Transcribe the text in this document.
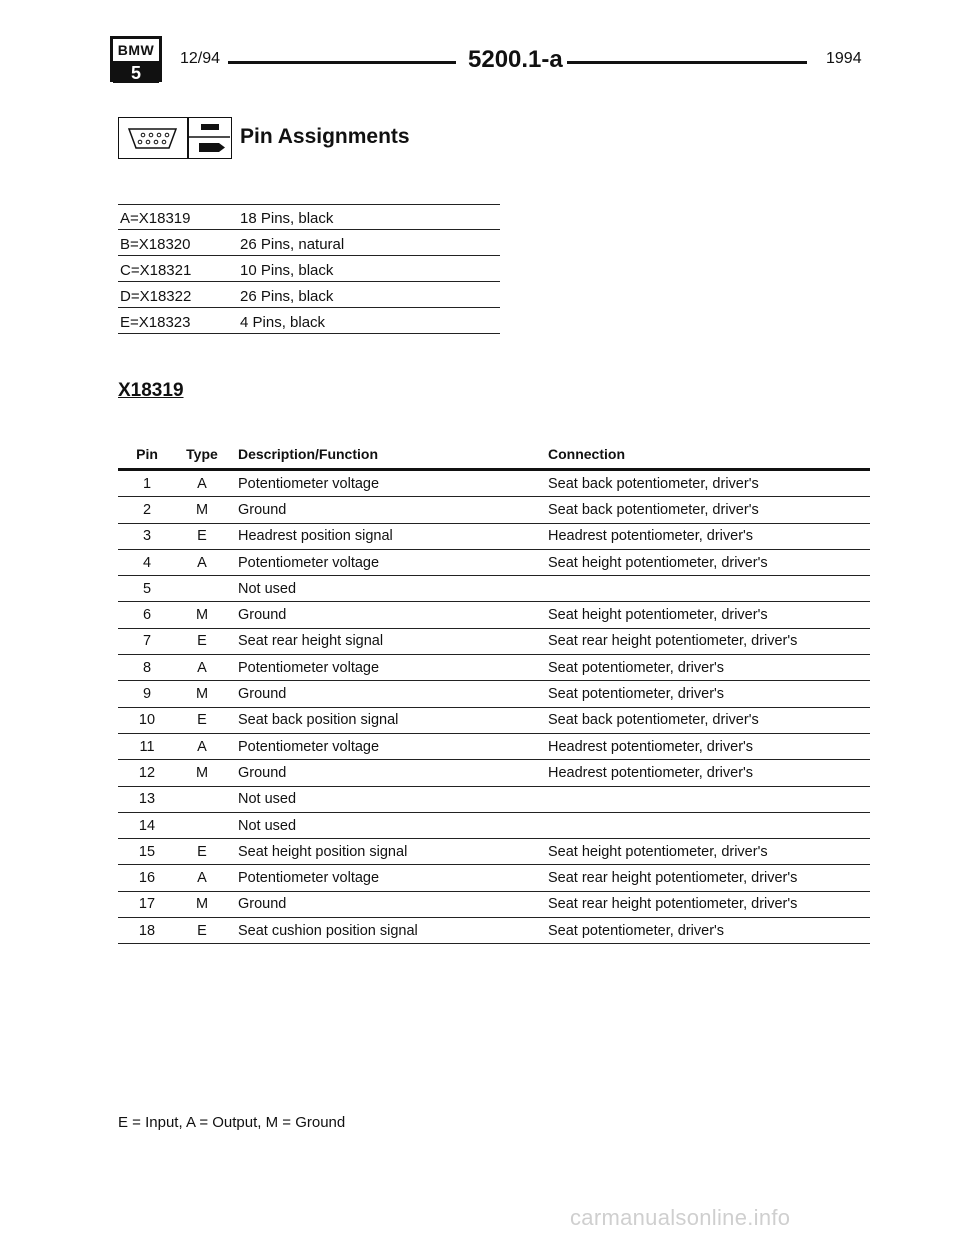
BMW
5
12/94	5200.1-a	1994
Pin Assignments
A=X18319	18 Pins, black
B=X18320	26 Pins, natural
C=X18321	10 Pins, black
D=X18322	26 Pins, black
E=X18323	4 Pins, black
X18319
Pin	Type	Description/Function	Connection
1	A	Potentiometer voltage	Seat back potentiometer, driver's
2	M	Ground	Seat back potentiometer, driver's
3	E	Headrest position signal	Headrest potentiometer, driver's
4	A	Potentiometer voltage	Seat height potentiometer, driver's
5	Not used
6	M	Ground	Seat height potentiometer, driver's
7	E	Seat rear height signal	Seat rear height potentiometer, driver's
8	A	Potentiometer voltage	Seat potentiometer, driver's
9	M	Ground	Seat potentiometer, driver's
10	E	Seat back position signal	Seat back potentiometer, driver's
11	A	Potentiometer voltage	Headrest potentiometer, driver's
12	M	Ground	Headrest potentiometer, driver's
13	Not used
14	Not used
15	E	Seat height position signal	Seat height potentiometer, driver's
16	A	Potentiometer voltage	Seat rear height potentiometer, driver's
17	M	Ground	Seat rear height potentiometer, driver's
18	E	Seat cushion position signal	Seat potentiometer, driver's
E = Input, A = Output, M = Ground
carmanualsonline.info
